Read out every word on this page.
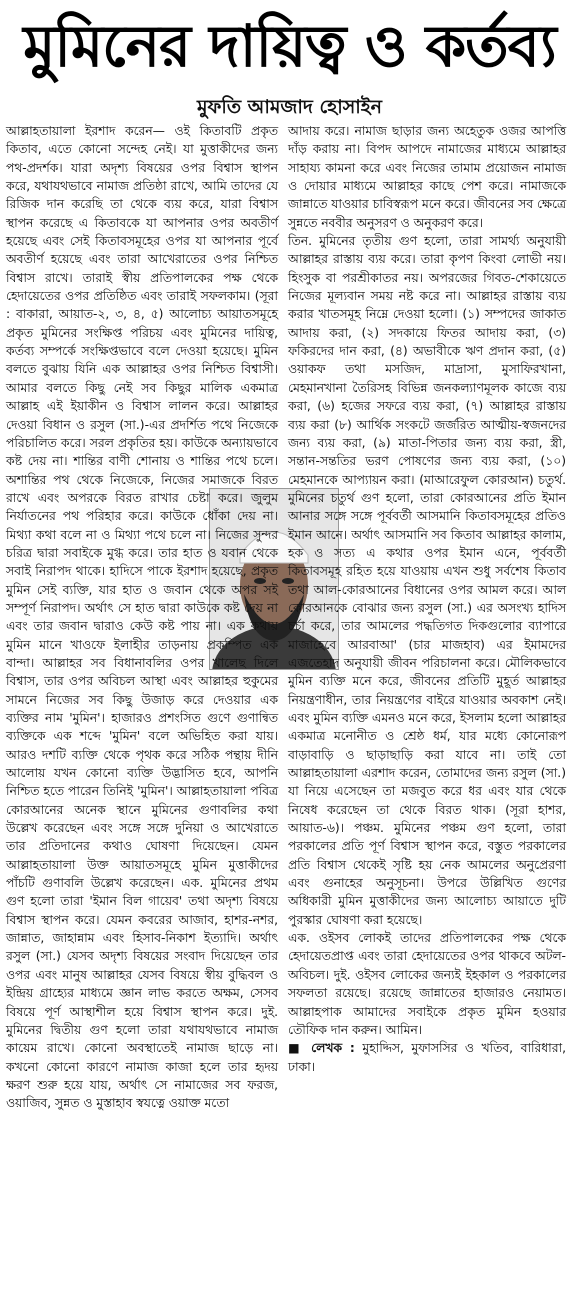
মুমিনের দায়িত্ব ও কর্তব্য
মুফতি আমজাদ হোসাইন

আল্লাহতায়ালা ইরশাদ করেন— ওই কিতাবটি প্রকৃত কিতাব, এতে কোনো সন্দেহ নেই। যা মুত্তাকীদের জন্য পথ-প্রদর্শক। যারা অদৃশ্য বিষয়ের ওপর বিশ্বাস স্থাপন করে, যথাযথভাবে নামাজ প্রতিষ্ঠা রাখে, আমি তাদের যে রিজিক দান করেছি তা থেকে ব্যয় করে, যারা বিশ্বাস স্থাপন করেছে এ কিতাবকে যা আপনার ওপর অবতীর্ণ হয়েছে এবং সেই কিতাবসমূহের ওপর যা আপনার পূর্বে অবতীর্ণ হয়েছে এবং তারা আখেরাতের ওপর নিশ্চিত বিশ্বাস রাখে। তারাই স্বীয় প্রতিপালকের পক্ষ থেকে হেদায়েতের ওপর প্রতিষ্ঠিত এবং তারাই সফলকাম। (সূরা : বাকারা, আয়াত-২, ৩, ৪, ৫) আলোচ্য আয়াতসমূহে প্রকৃত মুমিনের সংক্ষিপ্ত পরিচয় এবং মুমিনের দায়িত্ব, কর্তব্য সম্পর্কে সংক্ষিপ্তভাবে বলে দেওয়া হয়েছে। মুমিন বলতে বুঝায় যিনি এক আল্লাহর ওপর নিশ্চিত বিশ্বাসী। আমার বলতে কিছু নেই সব কিছুর মালিক একমাত্র আল্লাহ এই ইয়াকীন ও বিশ্বাস লালন করে। আল্লাহর দেওয়া বিধান ও রসুল (সা.)-এর প্রদর্শিত পথে নিজেকে পরিচালিত করে। সরল প্রকৃতির হয়। কাউকে অন্যায়ভাবে কষ্ট দেয় না। শান্তির বাণী শোনায় ও শান্তির পথে চলে। অশান্তির পথ থেকে নিজেকে, নিজের সমাজকে বিরত রাখে এবং অপরকে বিরত রাখার চেষ্টা করে। জুলুম নির্যাতনের পথ পরিহার করে। কাউকে ধোঁকা দেয় না। মিথ্যা কথা বলে না ও মিথ্যা পথে চলে না। নিজের সুন্দর চরিত্র দ্বারা সবাইকে মুগ্ধ করে। তার হাত ও যবান থেকে সবাই নিরাপদ থাকে। হাদিসে পাকে ইরশাদ হয়েছে, প্রকৃত মুমিন সেই ব্যক্তি, যার হাত ও জবান থেকে অপর সই সম্পূর্ণ নিরাপদ। অর্থাৎ সে হাত দ্বারা কাউকে কষ্ট দেয় না এবং তার জবান দ্বারাও কেউ কষ্ট পায় না। এক কথায় মুমিন মানে খাওফে ইলাহীর তাড়নায় প্রকম্পিত এক বান্দা। আল্লাহর সব বিধানাবলির ওপর খালেছ দিলে বিশ্বাস, তার ওপর অবিচল আস্থা এবং আল্লাহর হুকুমের সামনে নিজের সব কিছু উজাড় করে দেওয়ার এক ব্যক্তির নাম 'মুমিন'। হাজারও প্রশংসিত গুণে গুণান্বিত ব্যক্তিকে এক শব্দে 'মুমিন' বলে অভিহিত করা যায়। আরও দশটি ব্যক্তি থেকে পৃথক করে সঠিক পন্থায় দীনি আলোয় যখন কোনো ব্যক্তি উদ্ভাসিত হবে, আপনি নিশ্চিত হতে পারেন তিনিই 'মুমিন'। আল্লাহতায়ালা পবিত্র কোরআনের অনেক স্থানে মুমিনের গুণাবলির কথা উল্লেখ করেছেন এবং সঙ্গে সঙ্গে দুনিয়া ও আখেরাতে তার প্রতিদানের কথাও ঘোষণা দিয়েছেন। যেমন আল্লাহতায়ালা উক্ত আয়াতসমূহে মুমিন মুত্তাকীদের পাঁচটি গুণাবলি উল্লেখ করেছেন। এক. মুমিনের প্রথম গুণ হলো তারা 'ইমান বিল গায়েব' তথা অদৃশ্য বিষয়ে বিশ্বাস স্থাপন করে। যেমন কবরের আজাব, হাশর-নশর, জান্নাত, জাহান্নাম এবং হিসাব-নিকাশ ইত্যাদি। অর্থাৎ রসুল (সা.) যেসব অদৃশ্য বিষয়ের সংবাদ দিয়েছেন তার ওপর এবং মানুষ আল্লাহর যেসব বিষয়ে স্বীয় বুদ্ধিবল ও ইন্দ্রিয় গ্রাহ্যের মাধ্যমে জ্ঞান লাভ করতে অক্ষম, সেসব বিষয়ে পূর্ণ আস্থাশীল হয়ে বিশ্বাস স্থাপন করে। দুই. মুমিনের দ্বিতীয় গুণ হলো তারা যথাযথভাবে নামাজ কায়েম রাখে। কোনো অবস্থাতেই নামাজ ছাড়ে না। কখনো কোনো কারণে নামাজ কাজা হলে তার হৃদয় ক্ষরণ শুরু হয়ে যায়, অর্থাৎ সে নামাজের সব ফরজ, ওয়াজিব, সুন্নত ও মুস্তাহাব স্বযত্নে ওয়াক্ত মতো

আদায় করে। নামাজ ছাড়ার জন্য অহেতুক ওজর আপত্তি দাঁড় করায় না। বিপদ আপদে নামাজের মাধ্যমে আল্লাহর সাহায্য কামনা করে এবং নিজের তামাম প্রয়োজন নামাজ ও দোয়ার মাধ্যমে আল্লাহর কাছে পেশ করে। নামাজকে জান্নাতে যাওয়ার চাবিস্বরূপ মনে করে। জীবনের সব ক্ষেত্রে সুন্নতে নববীর অনুসরণ ও অনুকরণ করে।

তিন. মুমিনের তৃতীয় গুণ হলো, তারা সামর্থ্য অনুযায়ী আল্লাহর রাস্তায় ব্যয় করে। তারা কৃপণ কিংবা লোভী নয়। হিংসুক বা পরশ্রীকাতর নয়। অপরজের গিবত-শেকায়েতে নিজের মূল্যবান সময় নষ্ট করে না। আল্লাহর রাস্তায় ব্যয় করার খাতসমূহ নিম্নে দেওয়া হলো। (১) সম্পদের জাকাত আদায় করা, (২) সদকায়ে ফিতর আদায় করা, (৩) ফকিরদের দান করা, (৪) অভাবীকে ঋণ প্রদান করা, (৫) ওয়াকফ তথা মসজিদ, মাদ্রাসা, মুসাফিরখানা, মেহমানখানা তৈরিসহ বিভিন্ন জনকল্যাণমূলক কাজে ব্যয় করা, (৬) হজের সফরে ব্যয় করা, (৭) আল্লাহর রাস্তায় ব্যয় করা (৮) আর্থিক সংকটে জর্জরিত আত্মীয়-স্বজনদের জন্য ব্যয় করা, (৯) মাতা-পিতার জন্য ব্যয় করা, স্ত্রী, সন্তান-সন্ততির ভরণ পোষণের জন্য ব্যয় করা, (১০) মেহমানকে আপ্যায়ন করা। (মাআরেফুল কোরআন) চতুর্থ. মুমিনের চতুর্থ গুণ হলো, তারা কোরআনের প্রতি ইমান আনার সঙ্গে সঙ্গে পূর্ববর্তী আসমানি কিতাবসমূহের প্রতিও ইমান আনে। অর্থাৎ আসমানি সব কিতাব আল্লাহর কালাম, হক ও সত্য এ কথার ওপর ইমান এনে, পূর্ববর্তী কিতাবসমূহ রহিত হয়ে যাওয়ায় এখন শুধু সর্বশেষ কিতাব তথা আল-কোরআনের বিধানের ওপর আমল করে। আল কোরআনকে বোঝার জন্য রসুল (সা.) এর অসংখ্য হাদিস চর্চা করে, তার আমলের পদ্ধতিগত দিকগুলোর ব্যাপারে মাজাহেবে আরবাআ' (চার মাজহাব) এর ইমামদের এজতেহাদ অনুযায়ী জীবন পরিচালনা করে। মৌলিকভাবে মুমিন ব্যক্তি মনে করে, জীবনের প্রতিটি মুহূর্ত আল্লাহর নিয়ন্ত্রণাধীন, তার নিয়ন্ত্রণের বাইরে যাওয়ার অবকাশ নেই। এবং মুমিন ব্যক্তি এমনও মনে করে, ইসলাম হলো আল্লাহর একমাত্র মনোনীত ও শ্রেষ্ঠ ধর্ম, যার মধ্যে কোনোরূপ বাড়াবাড়ি ও ছাড়াছাড়ি করা যাবে না। তাই তো আল্লাহতায়ালা এরশাদ করেন, তোমাদের জন্য রসুল (সা.) যা নিয়ে এসেছেন তা মজবুত করে ধর এবং যার থেকে নিষেধ করেছেন তা থেকে বিরত থাক। (সূরা হাশর, আয়াত-৬)। পঞ্চম. মুমিনের পঞ্চম গুণ হলো, তারা পরকালের প্রতি পূর্ণ বিশ্বাস স্থাপন করে, বস্তুত পরকালের প্রতি বিশ্বাস থেকেই সৃষ্টি হয় নেক আমলের অনুপ্রেরণা এবং গুনাহের অনুসূচনা। উপরে উল্লিখিত গুণের অধিকারী মুমিন মুত্তাকীদের জন্য আলোচ্য আয়াতে দুটি পুরস্কার ঘোষণা করা হয়েছে।

এক. ওইসব লোকই তাদের প্রতিপালকের পক্ষ থেকে হেদায়েতপ্রাপ্ত এবং তারা হেদায়েতের ওপর থাকবে অটল- অবিচল। দুই. ওইসব লোকের জন্যই ইহকাল ও পরকালের সফলতা রয়েছে। রয়েছে জান্নাতের হাজারও নেয়ামত। আল্লাহপাক আমাদের সবাইকে প্রকৃত মুমিন হওয়ার তৌফিক দান করুন। আমিন।

■ লেখক : মুহাদ্দিস, মুফাসসির ও খতিব, বারিধারা, ঢাকা।
